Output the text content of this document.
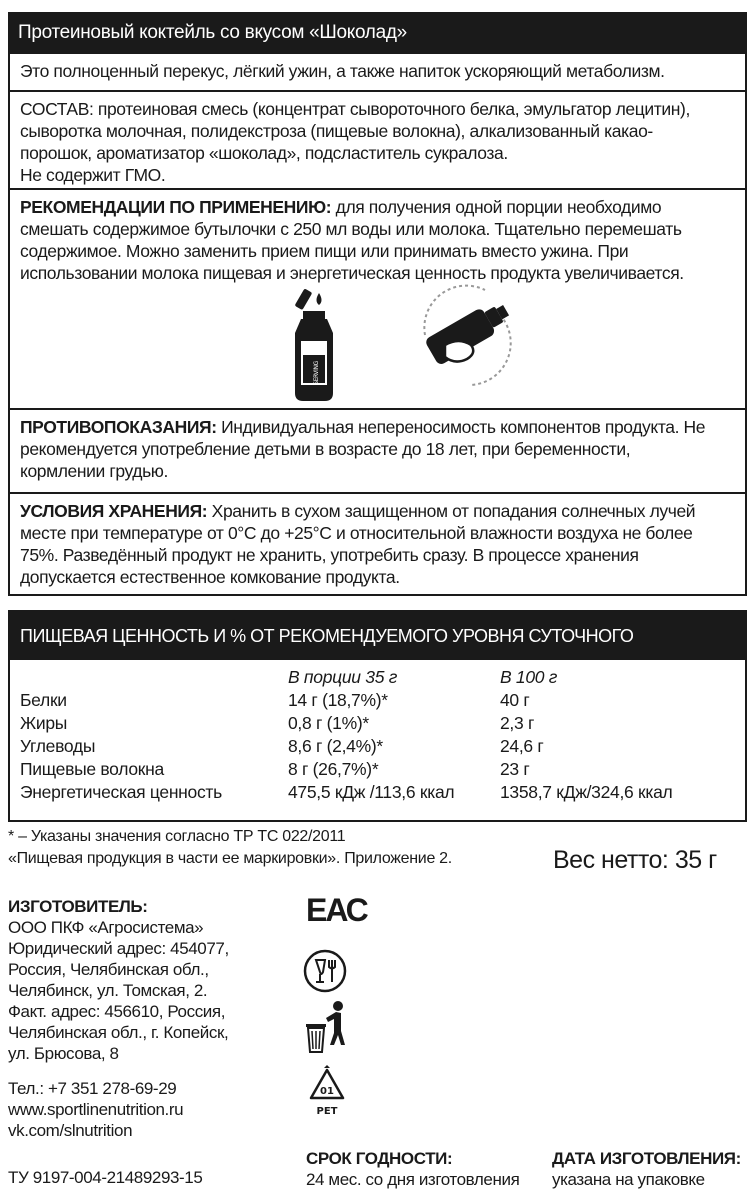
Протеиновый коктейль со вкусом «Шоколад»
Это полноценный перекус, лёгкий ужин, а также напиток ускоряющий метаболизм.
СОСТАВ: протеиновая смесь (концентрат сывороточного белка, эмульгатор лецитин),
сыворотка молочная, полидекстроза (пищевые волокна), алкализованный какао-
порошок, ароматизатор «шоколад», подсластитель сукралоза.
Не содержит ГМО.
РЕКОМЕНДАЦИИ ПО ПРИМЕНЕНИЮ: для получения одной порции необходимо
смешать содержимое бутылочки с 250 мл воды или молока. Тщательно перемешать
содержимое. Можно заменить прием пищи или принимать вместо ужина. При
использовании молока пищевая и энергетическая ценность продукта увеличивается.
SERVING
ПРОТИВОПОКАЗАНИЯ: Индивидуальная непереносимость компонентов продукта. Не
рекомендуется употребление детьми в возрасте до 18 лет, при беременности,
кормлении грудью.
УСЛОВИЯ ХРАНЕНИЯ: Хранить в сухом защищенном от попадания солнечных лучей
месте при температуре от 0°С до +25°С и относительной влажности воздуха не более
75%. Разведённый продукт не хранить, употребить сразу. В процессе хранения
допускается естественное комкование продукта.
ПИЩЕВАЯ ЦЕННОСТЬ И % ОТ РЕКОМЕНДУЕМОГО УРОВНЯ СУТОЧНОГО ПОТРЕБЛЕНИЯ*:	В порции 35 г	В 100 г
Белки	14 г (18,7%)*	40 г
Жиры	0,8 г (1%)*	2,3 г
Углеводы	8,6 г (2,4%)*	24,6 г
Пищевые волокна	8 г (26,7%)*	23 г
Энергетическая ценность	475,5 кДж /113,6 ккал	1358,7 кДж/324,6 ккал
* – Указаны значения согласно ТР ТС 022/2011
«Пищевая продукция в части ее маркировки». Приложение 2.	Вес нетто: 35 г
ИЗГОТОВИТЕЛЬ:
ООО ПКФ «Агросистема»
Юридический адрес: 454077,
Россия, Челябинская обл.,
Челябинск, ул. Томская, 2.
Факт. адрес: 456610, Россия,
Челябинская обл., г. Копейск,
ул. Брюсова, 8
Тел.: +7 351 278-69-29
www.sportlinenutrition.ru
vk.com/slnutrition
ТУ 9197-004-21489293-15
ЕАС
01
PET
СРОК ГОДНОСТИ:
24 мес. со дня изготовления
ДАТА ИЗГОТОВЛЕНИЯ:
указана на упаковке
